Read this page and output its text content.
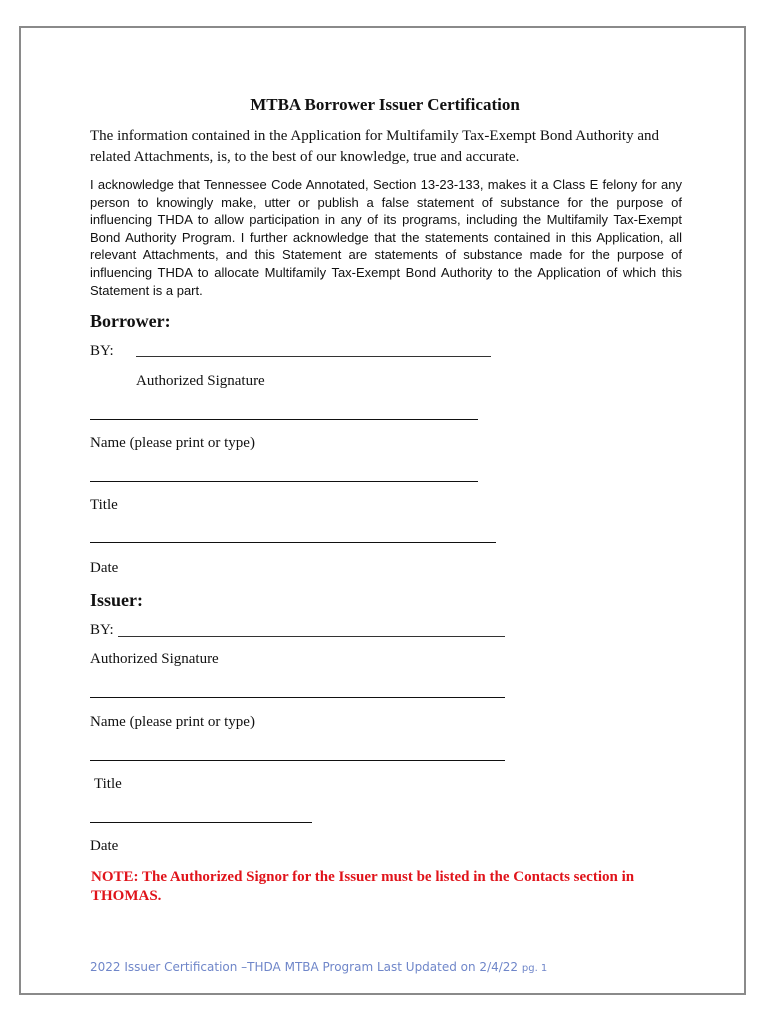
MTBA Borrower Issuer Certification
The information contained in the Application for Multifamily Tax-Exempt Bond Authority and
related Attachments, is, to the best of our knowledge, true and accurate.
I acknowledge that Tennessee Code Annotated, Section 13-23-133, makes it a Class E felony for any person to knowingly make, utter or publish a false statement of substance for the purpose of influencing THDA to allow participation in any of its programs, including the Multifamily Tax-Exempt Bond Authority Program. I further acknowledge that the statements contained in this Application, all relevant Attachments, and this Statement are statements of substance made for the purpose of influencing THDA to allocate Multifamily Tax-Exempt Bond Authority to the Application of which this Statement is a part.
Borrower:
BY:
Authorized Signature
Name (please print or type)
Title
Date
Issuer:
BY:
Authorized Signature
Name (please print or type)
Title
Date
NOTE: The Authorized Signor for the Issuer must be listed in the Contacts section in THOMAS.
2022 Issuer Certification –THDA MTBA Program Last Updated on 2/4/22 pg. 1
